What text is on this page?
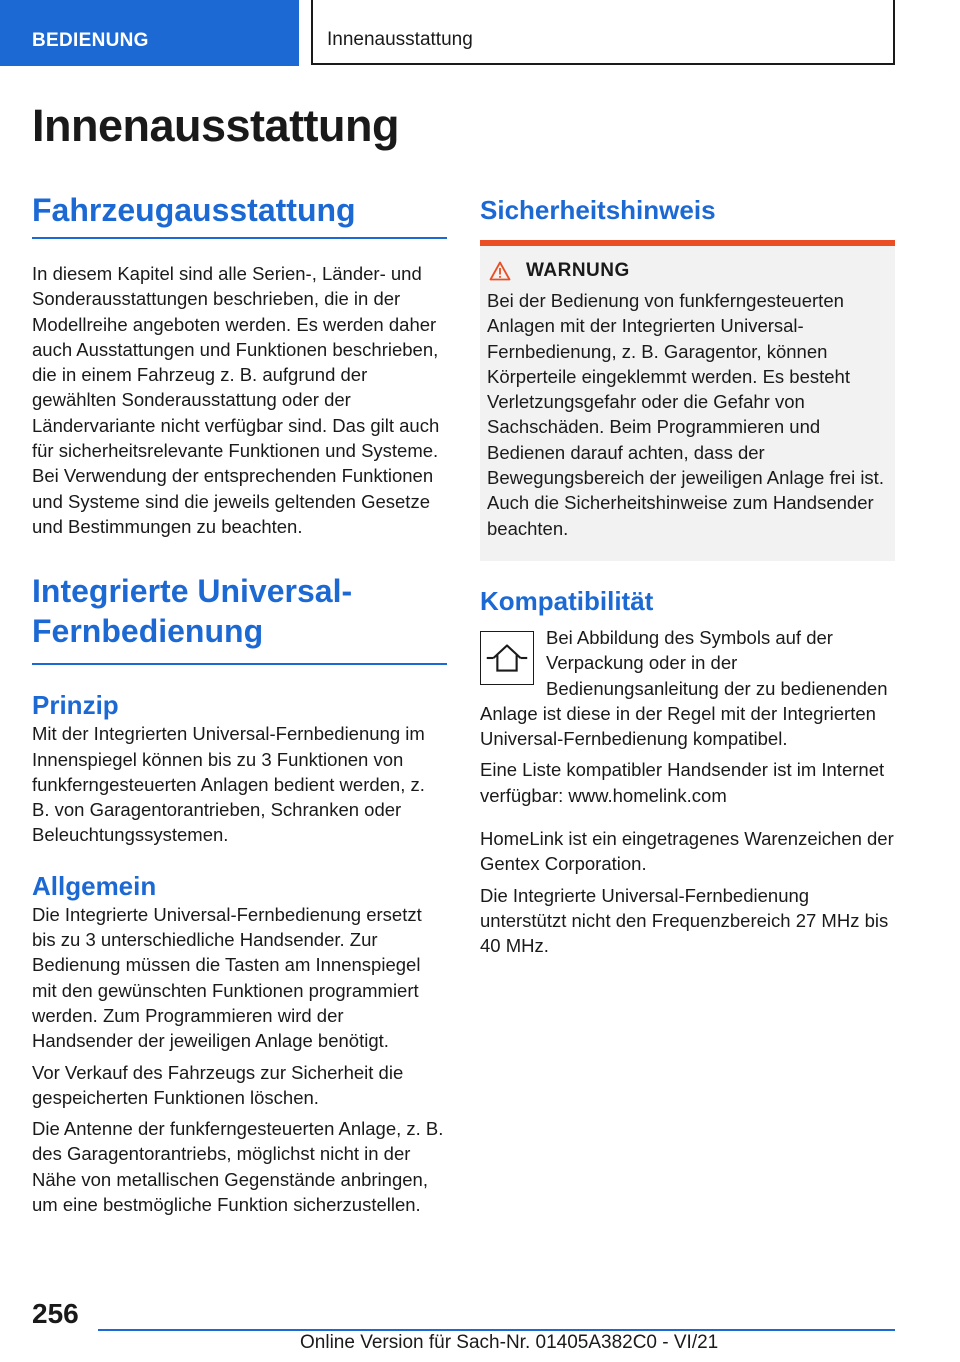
BEDIENUNG	Innenausstattung
Innenausstattung
Fahrzeugausstattung

In diesem Kapitel sind alle Serien-, Länder- und Sonderausstattungen beschrieben, die in der Modellreihe angeboten werden. Es werden daher auch Ausstattungen und Funktionen beschrieben, die in einem Fahrzeug z. B. aufgrund der gewählten Sonderausstattung oder der Ländervariante nicht verfügbar sind. Das gilt auch für sicherheitsrelevante Funktionen und Systeme. Bei Verwendung der entsprechenden Funktionen und Systeme sind die jeweils geltenden Gesetze und Bestimmungen zu beachten.

Integrierte Universal-Fernbedienung
Prinzip

Mit der Integrierten Universal-Fernbedienung im Innenspiegel können bis zu 3 Funktionen von funkferngesteuerten Anlagen bedient werden, z. B. von Garagentorantrieben, Schranken oder Beleuchtungssystemen.

Allgemein

Die Integrierte Universal-Fernbedienung ersetzt bis zu 3 unterschiedliche Handsender. Zur Bedienung müssen die Tasten am Innenspiegel mit den gewünschten Funktionen programmiert werden. Zum Programmieren wird der Handsender der jeweiligen Anlage benötigt.

Vor Verkauf des Fahrzeugs zur Sicherheit die gespeicherten Funktionen löschen.

Die Antenne der funkferngesteuerten Anlage, z. B. des Garagentorantriebs, möglichst nicht in der Nähe von metallischen Gegenstände anbringen, um eine bestmögliche Funktion sicherzustellen.

Sicherheitshinweis
WARNUNG

Bei der Bedienung von funkferngesteuerten Anlagen mit der Integrierten Universal-Fernbedienung, z. B. Garagentor, können Körperteile eingeklemmt werden. Es besteht Verletzungsgefahr oder die Gefahr von Sachschäden. Beim Programmieren und Bedienen darauf achten, dass der Bewegungsbereich der jeweiligen Anlage frei ist. Auch die Sicherheitshinweise zum Handsender beachten.

Kompatibilität

Bei Abbildung des Symbols auf der Verpackung oder in der Bedienungsanleitung der zu bedienenden Anlage ist diese in der Regel mit der Integrierten Universal-Fernbedienung kompatibel.

Eine Liste kompatibler Handsender ist im Internet verfügbar: www.homelink.com

HomeLink ist ein eingetragenes Warenzeichen der Gentex Corporation.

Die Integrierte Universal-Fernbedienung unterstützt nicht den Frequenzbereich 27 MHz bis 40 MHz.

256
Online Version für Sach-Nr. 01405A382C0 - VI/21
